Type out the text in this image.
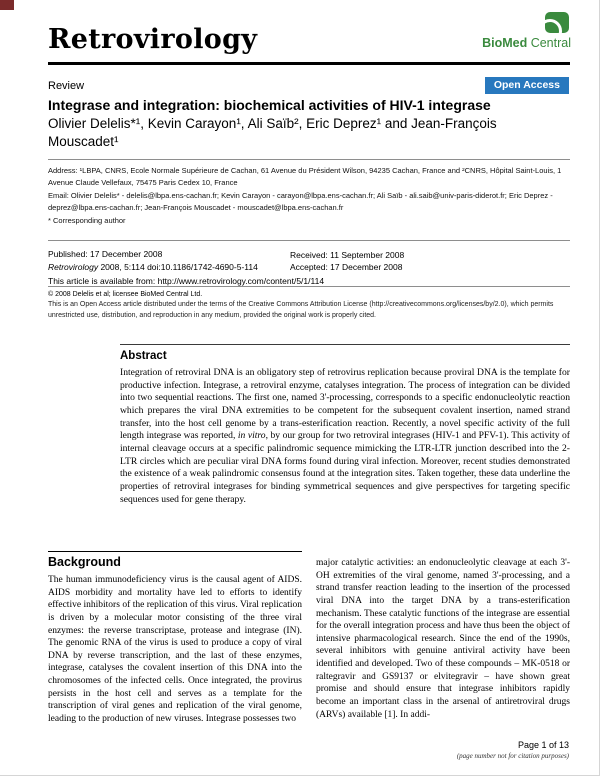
Retrovirology	BioMed Central
Review	Open Access
Integrase and integration: biochemical activities of HIV-1 integrase
Olivier Delelis*¹, Kevin Carayon¹, Ali Saïb², Eric Deprez¹ and Jean-François Mouscadet¹
Address: ¹LBPA, CNRS, Ecole Normale Supérieure de Cachan, 61 Avenue du Président Wilson, 94235 Cachan, France and ²CNRS, Hôpital Saint-Louis, 1 Avenue Claude Vellefaux, 75475 Paris Cedex 10, France
Email: Olivier Delelis* - delelis@lbpa.ens-cachan.fr; Kevin Carayon - carayon@lbpa.ens-cachan.fr; Ali Saïb - ali.saib@univ-paris-diderot.fr; Eric Deprez - deprez@lbpa.ens-cachan.fr; Jean-François Mouscadet - mouscadet@lbpa.ens-cachan.fr
* Corresponding author
Published: 17 December 2008
Retrovirology 2008, 5:114 doi:10.1186/1742-4690-5-114
This article is available from: http://www.retrovirology.com/content/5/1/114
Received: 11 September 2008
Accepted: 17 December 2008
© 2008 Delelis et al; licensee BioMed Central Ltd.
This is an Open Access article distributed under the terms of the Creative Commons Attribution License (http://creativecommons.org/licenses/by/2.0), which permits unrestricted use, distribution, and reproduction in any medium, provided the original work is properly cited.
Abstract

Integration of retroviral DNA is an obligatory step of retrovirus replication because proviral DNA is the template for productive infection. Integrase, a retroviral enzyme, catalyses integration. The process of integration can be divided into two sequential reactions. The first one, named 3'-processing, corresponds to a specific endonucleolytic reaction which prepares the viral DNA extremities to be competent for the subsequent covalent insertion, named strand transfer, into the host cell genome by a trans-esterification reaction. Recently, a novel specific activity of the full length integrase was reported, in vitro, by our group for two retroviral integrases (HIV-1 and PFV-1). This activity of internal cleavage occurs at a specific palindromic sequence mimicking the LTR-LTR junction described into the 2-LTR circles which are peculiar viral DNA forms found during viral infection. Moreover, recent studies demonstrated the existence of a weak palindromic consensus found at the integration sites. Taken together, these data underline the properties of retroviral integrases for binding symmetrical sequences and give perspectives for targeting specific sequences used for gene therapy.

Background

The human immunodeficiency virus is the causal agent of AIDS. AIDS morbidity and mortality have led to efforts to identify effective inhibitors of the replication of this virus. Viral replication is driven by a molecular motor consisting of the three viral enzymes: the reverse transcriptase, protease and integrase (IN). The genomic RNA of the virus is used to produce a copy of viral DNA by reverse transcription, and the last of these enzymes, integrase, catalyses the covalent insertion of this DNA into the chromosomes of the infected cells. Once integrated, the provirus persists in the host cell and serves as a template for the transcription of viral genes and replication of the viral genome, leading to the production of new viruses. Integrase possesses two

major catalytic activities: an endonucleolytic cleavage at each 3'-OH extremities of the viral genome, named 3'-processing, and a strand transfer reaction leading to the insertion of the processed viral DNA into the target DNA by a trans-esterification mechanism. These catalytic functions of the integrase are essential for the overall integration process and have thus been the object of intensive pharmacological research. Since the end of the 1990s, several inhibitors with genuine antiviral activity have been identified and developed. Two of these compounds – MK-0518 or raltegravir and GS9137 or elvitegravir – have shown great promise and should ensure that integrase inhibitors rapidly become an important class in the arsenal of antiretroviral drugs (ARVs) available [1]. In addi-

Page 1 of 13
(page number not for citation purposes)
